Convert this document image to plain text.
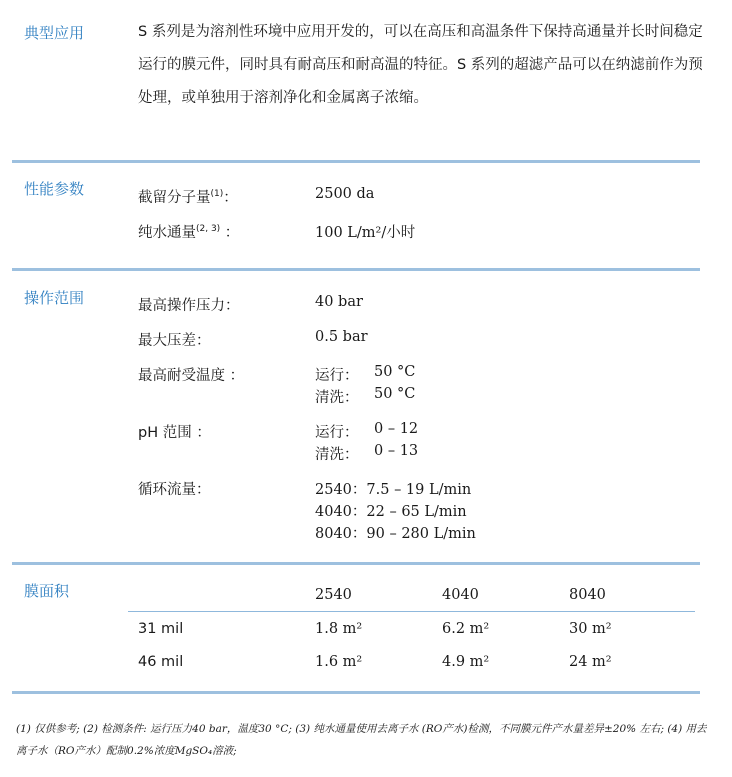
典型应用	S 系列是为溶剂性环境中应用开发的，可以在高压和高温条件下保持高通量并长时间稳定运行的膜元件，同时具有耐高压和耐高温的特征。S 系列的超滤产品可以在纳滤前作为预处理，或单独用于溶剂净化和金属离子浓缩。
性能参数	截留分子量$^{(1)}$：	2500 da
纯水通量$^{(2, 3)}$ ：	100 L/m²/小时
操作范围	最高操作压力：	40 bar
最大压差：	0.5 bar
最高耐受温度 ：	运行： 50 °C
清洗： 50 °C
pH 范围 ：	运行： 0 – 12
清洗： 0 – 13
循环流量：	2540：7.5 – 19 L/min
4040：22 – 65 L/min
8040：90 – 280 L/min
膜面积	2540	4040	8040
31 mil	1.8 m²	6.2 m²	30 m²
46 mil	1.6 m²	4.9 m²	24 m²
(1) 仅供参考; (2) 检测条件: 运行压力40 bar，温度30 °C; (3) 纯水通量使用去离子水 (RO产水)检测，不同膜元件产水量差异±20% 左右; (4) 用去离子水（RO产水）配制0.2%浓度MgSO₄溶液;
